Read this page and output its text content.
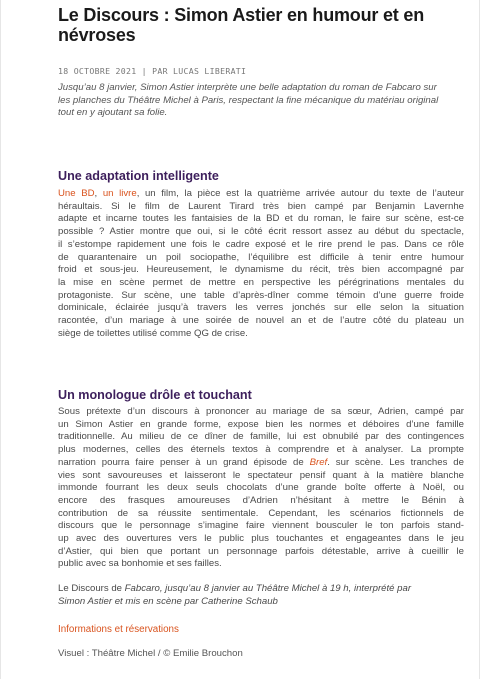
Le Discours : Simon Astier en humour et en
névroses
18 OCTOBRE 2021 | PAR LUCAS LIBERATI

Jusqu’au 8 janvier, Simon Astier interprète une belle adaptation du roman de Fabcaro sur
les planches du Théâtre Michel à Paris, respectant la fine mécanique du matériau original
tout en y ajoutant sa folie.

Une adaptation intelligente

Une BD, un livre, un film, la pièce est la quatrième arrivée autour du texte de l’auteur
héraultais. Si le film de Laurent Tirard très bien campé par Benjamin Lavernhe
adapte et incarne toutes les fantaisies de la BD et du roman, le faire sur scène, est-ce
possible ? Astier montre que oui, si le côté écrit ressort assez au début du spectacle,
il s’estompe rapidement une fois le cadre exposé et le rire prend le pas. Dans ce rôle
de quarantenaire un poil sociopathe, l’équilibre est difficile à tenir entre humour
froid et sous-jeu. Heureusement, le dynamisme du récit, très bien accompagné par
la mise en scène permet de mettre en perspective les pérégrinations mentales du
protagoniste. Sur scène, une table d’après-dîner comme témoin d’une guerre froide
dominicale, éclairée jusqu’à travers les verres jonchés sur elle selon la situation
racontée, d’un mariage à une soirée de nouvel an et de l’autre côté du plateau un
siège de toilettes utilisé comme QG de crise.

Un monologue drôle et touchant

Sous prétexte d’un discours à prononcer au mariage de sa sœur, Adrien, campé par
un Simon Astier en grande forme, expose bien les normes et déboires d’une famille
traditionnelle. Au milieu de ce dîner de famille, lui est obnubilé par des contingences
plus modernes, celles des éternels textos à comprendre et à analyser. La prompte
narration pourra faire penser à un grand épisode de Bref. sur scène. Les tranches de
vies sont savoureuses et laisseront le spectateur pensif quant à la matière blanche
immonde fourrant les deux seuls chocolats d’une grande boîte offerte à Noël, ou
encore des frasques amoureuses d’Adrien n’hésitant à mettre le Bénin à
contribution de sa réussite sentimentale. Cependant, les scénarios fictionnels de
discours que le personnage s’imagine faire viennent bousculer le ton parfois stand-
up avec des ouvertures vers le public plus touchantes et engageantes dans le jeu
d’Astier, qui bien que portant un personnage parfois détestable, arrive à cueillir le
public avec sa bonhomie et ses failles.

Le Discours de Fabcaro, jusqu’au 8 janvier au Théâtre Michel à 19 h, interprété par
Simon Astier et mis en scène par Catherine Schaub

Informations et réservations
Visuel : Théâtre Michel / © Emilie Brouchon
